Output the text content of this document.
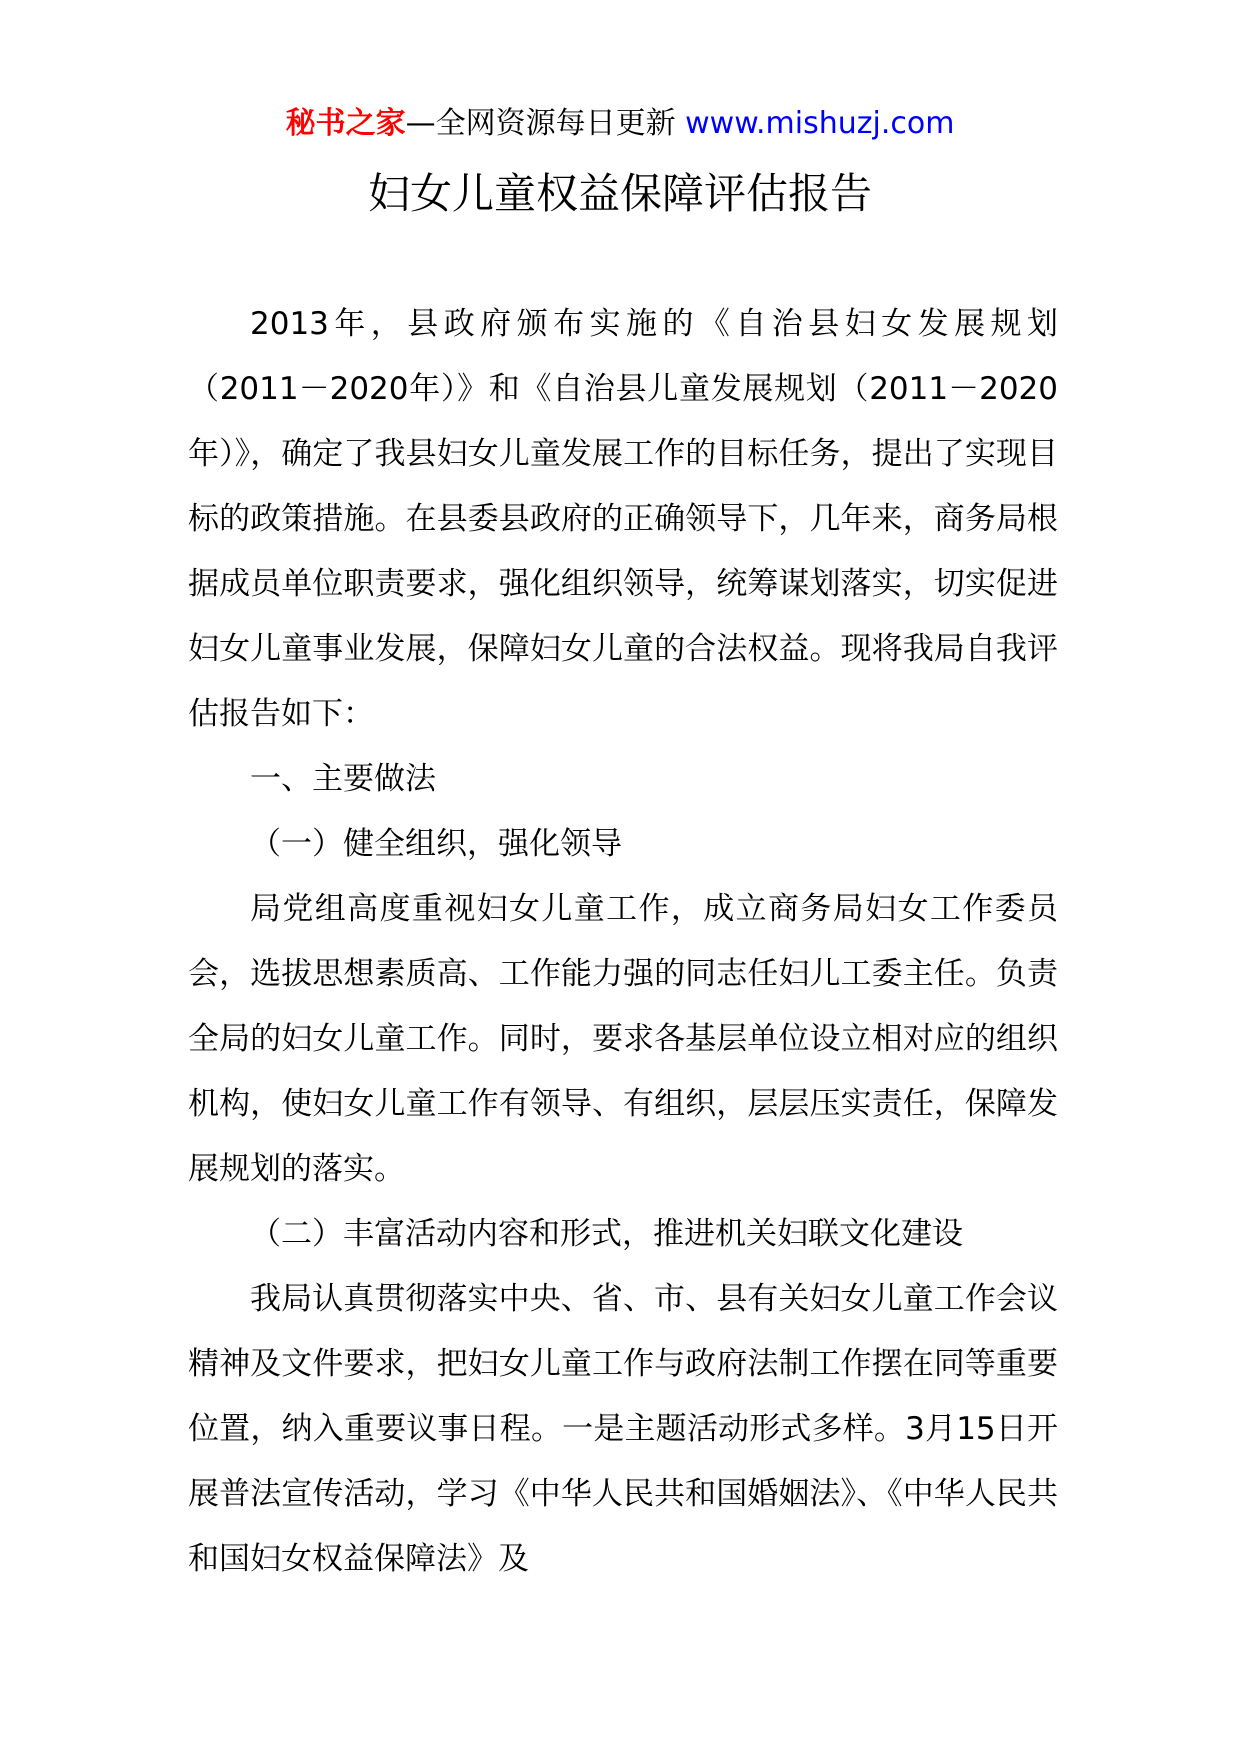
秘书之家—全网资源每日更新 www.mishuzj.com
妇女儿童权益保障评估报告

2013年，县政府颁布实施的《自治县妇女发展规划（2011－2020年）》和《自治县儿童发展规划（2011－2020年）》，确定了我县妇女儿童发展工作的目标任务，提出了实现目标的政策措施。在县委县政府的正确领导下，几年来，商务局根据成员单位职责要求，强化组织领导，统筹谋划落实，切实促进妇女儿童事业发展，保障妇女儿童的合法权益。现将我局自我评估报告如下：

一、主要做法

（一）健全组织，强化领导

局党组高度重视妇女儿童工作，成立商务局妇女工作委员会，选拔思想素质高、工作能力强的同志任妇儿工委主任。负责全局的妇女儿童工作。同时，要求各基层单位设立相对应的组织机构，使妇女儿童工作有领导、有组织，层层压实责任，保障发展规划的落实。

（二）丰富活动内容和形式，推进机关妇联文化建设

我局认真贯彻落实中央、省、市、县有关妇女儿童工作会议精神及文件要求，把妇女儿童工作与政府法制工作摆在同等重要位置，纳入重要议事日程。一是主题活动形式多样。3月15日开展普法宣传活动，学习《中华人民共和国婚姻法》、《中华人民共和国妇女权益保障法》及
